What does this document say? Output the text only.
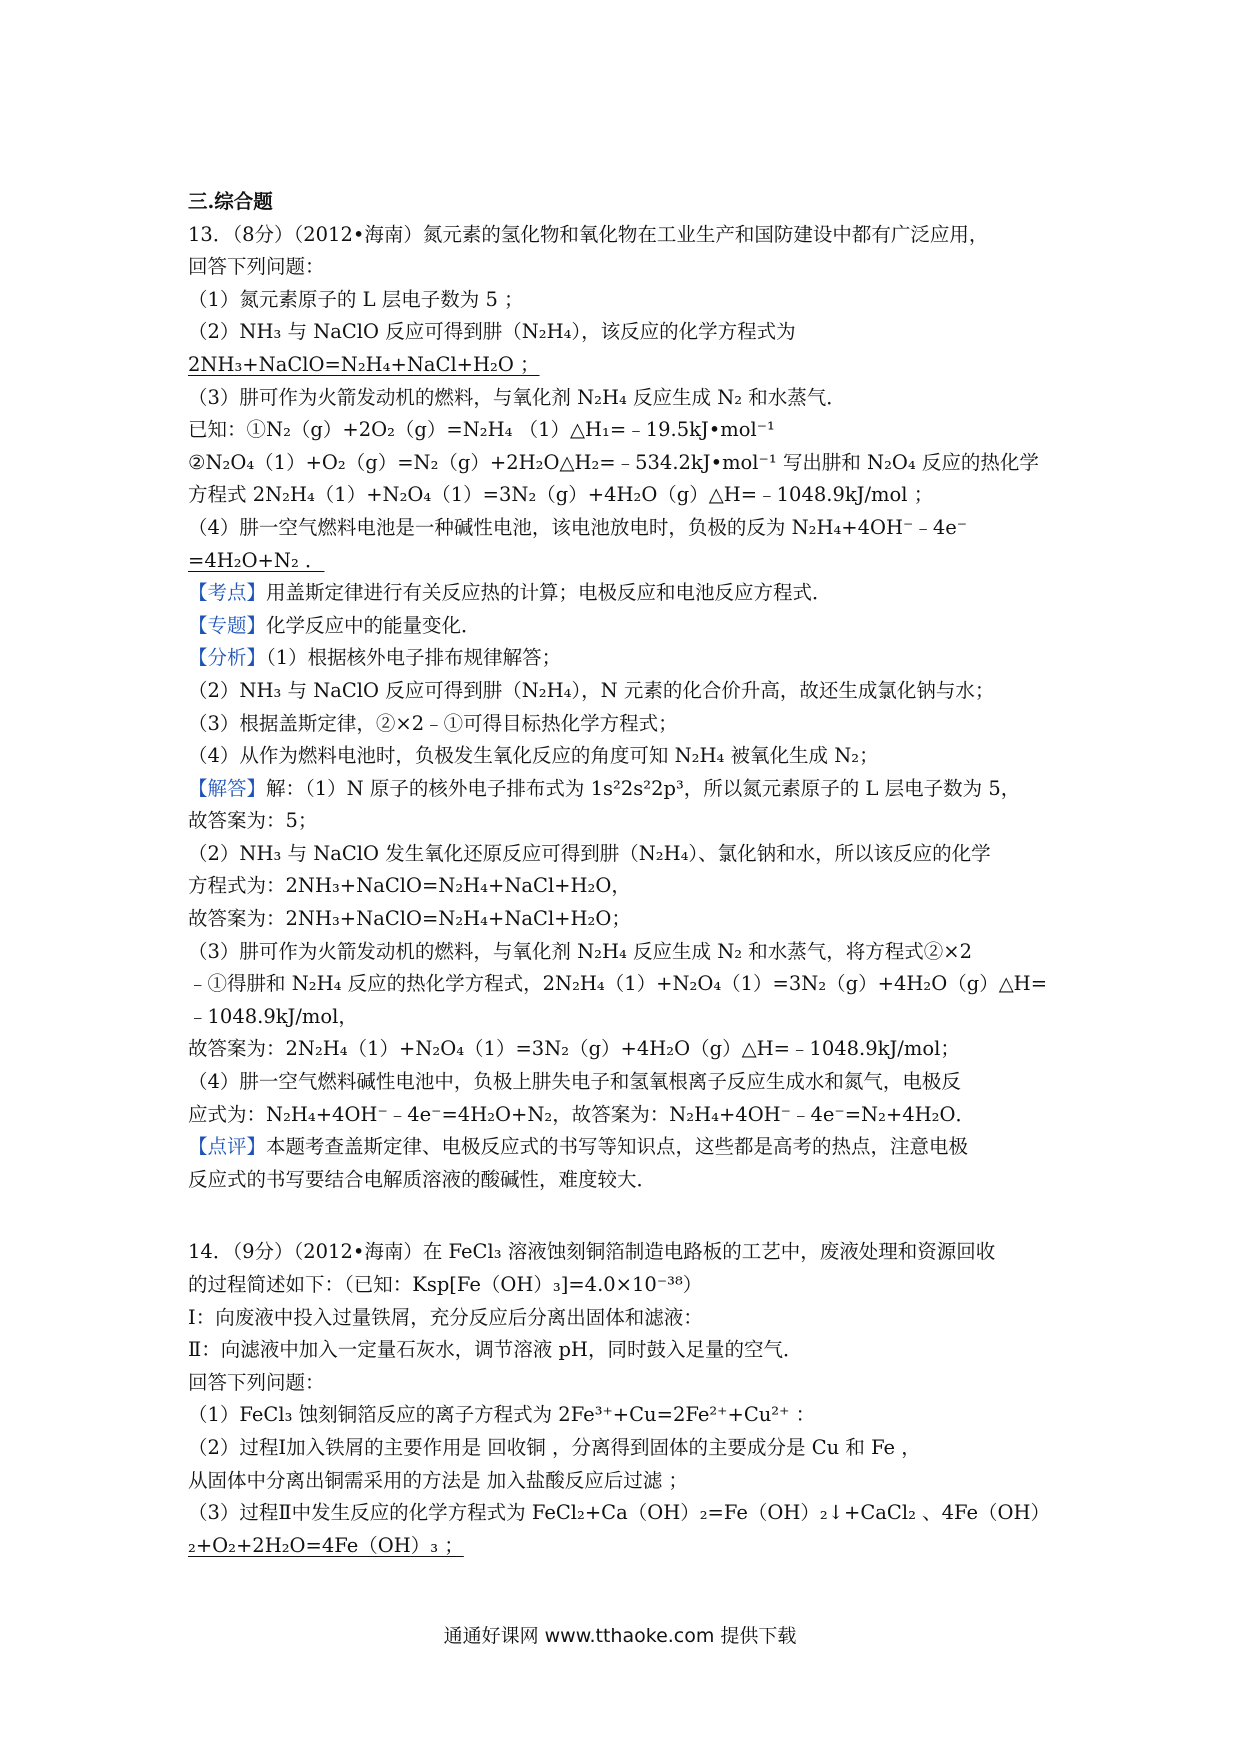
三.综合题
13．（8分）（2012•海南）氮元素的氢化物和氧化物在工业生产和国防建设中都有广泛应用，
回答下列问题：
（1）氮元素原子的 L 层电子数为 5 ；
（2）NH₃ 与 NaClO 反应可得到肼（N₂H₄），该反应的化学方程式为
2NH₃+NaClO=N₂H₄+NaCl+H₂O ；
（3）肼可作为火箭发动机的燃料，与氧化剂 N₂H₄ 反应生成 N₂ 和水蒸气．
已知：①N₂（g）+2O₂（g）=N₂H₄ （1）△H₁=﹣19.5kJ•mol⁻¹
②N₂O₄（1）+O₂（g）=N₂（g）+2H₂O△H₂=﹣534.2kJ•mol⁻¹ 写出肼和 N₂O₄ 反应的热化学
方程式 2N₂H₄（1）+N₂O₄（1）=3N₂（g）+4H₂O（g）△H=﹣1048.9kJ/mol ；
（4）肼一空气燃料电池是一种碱性电池，该电池放电时，负极的反为 N₂H₄+4OH⁻﹣4e⁻
=4H₂O+N₂ ．
【考点】用盖斯定律进行有关反应热的计算；电极反应和电池反应方程式．
【专题】化学反应中的能量变化．
【分析】（1）根据核外电子排布规律解答；
（2）NH₃ 与 NaClO 反应可得到肼（N₂H₄），N 元素的化合价升高，故还生成氯化钠与水；
（3）根据盖斯定律，②×2﹣①可得目标热化学方程式；
（4）从作为燃料电池时，负极发生氧化反应的角度可知 N₂H₄ 被氧化生成 N₂；
【解答】解：（1）N 原子的核外电子排布式为 1s²2s²2p³，所以氮元素原子的 L 层电子数为 5，
故答案为：5；
（2）NH₃ 与 NaClO 发生氧化还原反应可得到肼（N₂H₄）、氯化钠和水，所以该反应的化学
方程式为：2NH₃+NaClO=N₂H₄+NaCl+H₂O，
故答案为：2NH₃+NaClO=N₂H₄+NaCl+H₂O；
（3）肼可作为火箭发动机的燃料，与氧化剂 N₂H₄ 反应生成 N₂ 和水蒸气，将方程式②×2
﹣①得肼和 N₂H₄ 反应的热化学方程式，2N₂H₄（1）+N₂O₄（1）=3N₂（g）+4H₂O（g）△H=
﹣1048.9kJ/mol，
故答案为：2N₂H₄（1）+N₂O₄（1）=3N₂（g）+4H₂O（g）△H=﹣1048.9kJ/mol；
（4）肼一空气燃料碱性电池中，负极上肼失电子和氢氧根离子反应生成水和氮气，电极反
应式为：N₂H₄+4OH⁻﹣4e⁻=4H₂O+N₂，故答案为：N₂H₄+4OH⁻﹣4e⁻=N₂+4H₂O．
【点评】本题考查盖斯定律、电极反应式的书写等知识点，这些都是高考的热点，注意电极
反应式的书写要结合电解质溶液的酸碱性，难度较大．
14．（9分）（2012•海南）在 FeCl₃ 溶液蚀刻铜箔制造电路板的工艺中，废液处理和资源回收
的过程简述如下：（已知：Ksp[Fe（OH）₃]=4.0×10⁻³⁸）
Ⅰ：向废液中投入过量铁屑，充分反应后分离出固体和滤液：
Ⅱ：向滤液中加入一定量石灰水，调节溶液 pH，同时鼓入足量的空气．
回答下列问题：
（1）FeCl₃ 蚀刻铜箔反应的离子方程式为 2Fe³⁺+Cu=2Fe²⁺+Cu²⁺ ：
（2）过程Ⅰ加入铁屑的主要作用是 回收铜 ，分离得到固体的主要成分是 Cu 和 Fe ，
从固体中分离出铜需采用的方法是 加入盐酸反应后过滤 ；
（3）过程Ⅱ中发生反应的化学方程式为 FeCl₂+Ca（OH）₂=Fe（OH）₂↓+CaCl₂ 、4Fe（OH）
₂+O₂+2H₂O=4Fe（OH）₃ ；
通通好课网 www.tthaoke.com 提供下载
